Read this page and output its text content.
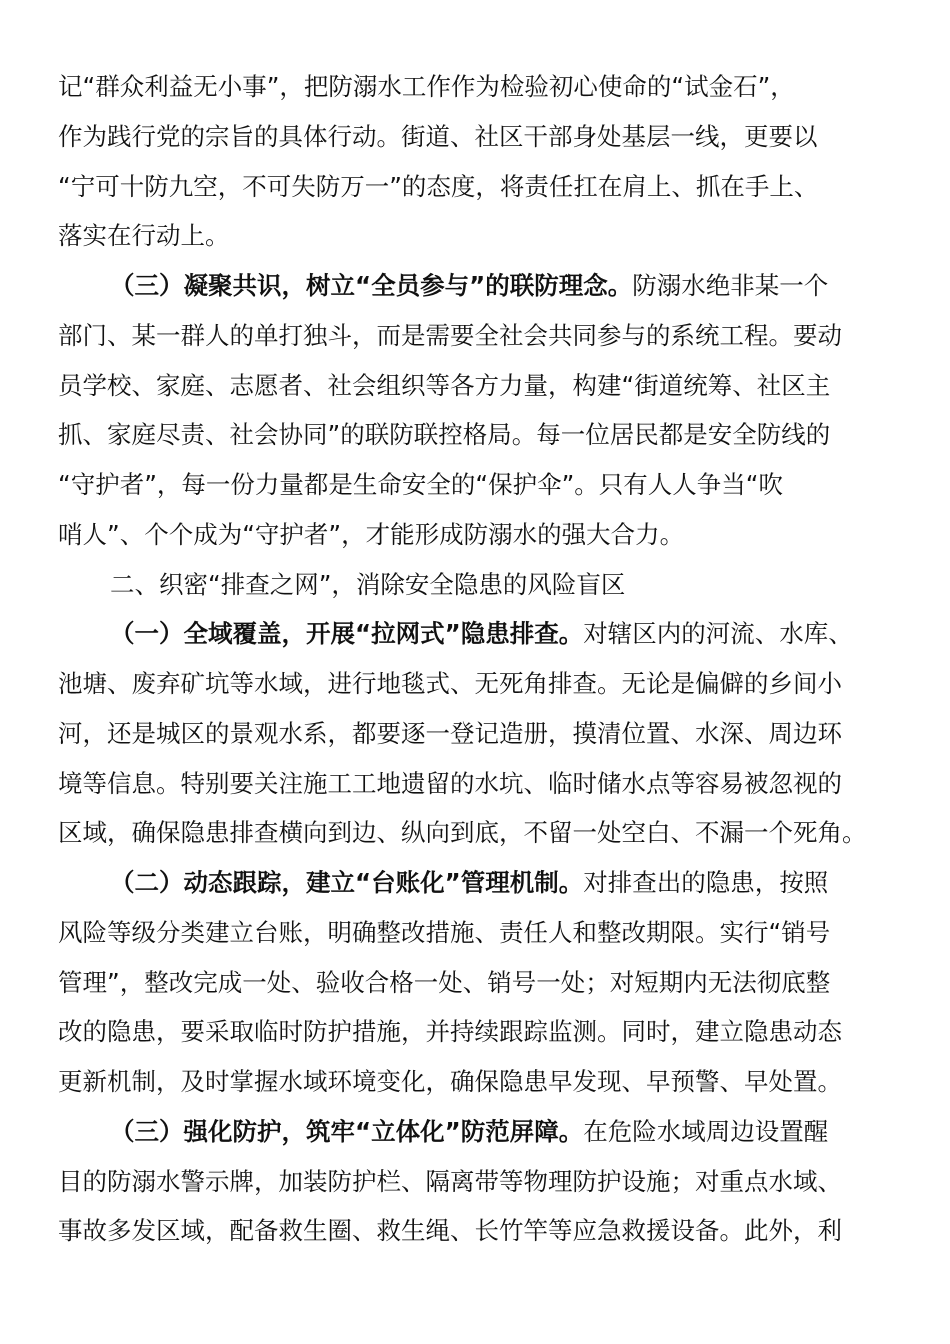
记“群众利益无小事”，把防溺水工作作为检验初心使命的“试金石”，
作为践行党的宗旨的具体行动。街道、社区干部身处基层一线，更要以
“宁可十防九空，不可失防万一”的态度，将责任扛在肩上、抓在手上、
落实在行动上。
（三）凝聚共识，树立“全员参与”的联防理念。防溺水绝非某一个
部门、某一群人的单打独斗，而是需要全社会共同参与的系统工程。要动
员学校、家庭、志愿者、社会组织等各方力量，构建“街道统筹、社区主
抓、家庭尽责、社会协同”的联防联控格局。每一位居民都是安全防线的
“守护者”，每一份力量都是生命安全的“保护伞”。只有人人争当“吹
哨人”、个个成为“守护者”，才能形成防溺水的强大合力。
二、织密“排查之网”，消除安全隐患的风险盲区
（一）全域覆盖，开展“拉网式”隐患排查。对辖区内的河流、水库、
池塘、废弃矿坑等水域，进行地毯式、无死角排查。无论是偏僻的乡间小
河，还是城区的景观水系，都要逐一登记造册，摸清位置、水深、周边环
境等信息。特别要关注施工工地遗留的水坑、临时储水点等容易被忽视的
区域，确保隐患排查横向到边、纵向到底，不留一处空白、不漏一个死角。
（二）动态跟踪，建立“台账化”管理机制。对排查出的隐患，按照
风险等级分类建立台账，明确整改措施、责任人和整改期限。实行“销号
管理”，整改完成一处、验收合格一处、销号一处；对短期内无法彻底整
改的隐患，要采取临时防护措施，并持续跟踪监测。同时，建立隐患动态
更新机制，及时掌握水域环境变化，确保隐患早发现、早预警、早处置。
（三）强化防护，筑牢“立体化”防范屏障。在危险水域周边设置醒
目的防溺水警示牌，加装防护栏、隔离带等物理防护设施；对重点水域、
事故多发区域，配备救生圈、救生绳、长竹竿等应急救援设备。此外，利
